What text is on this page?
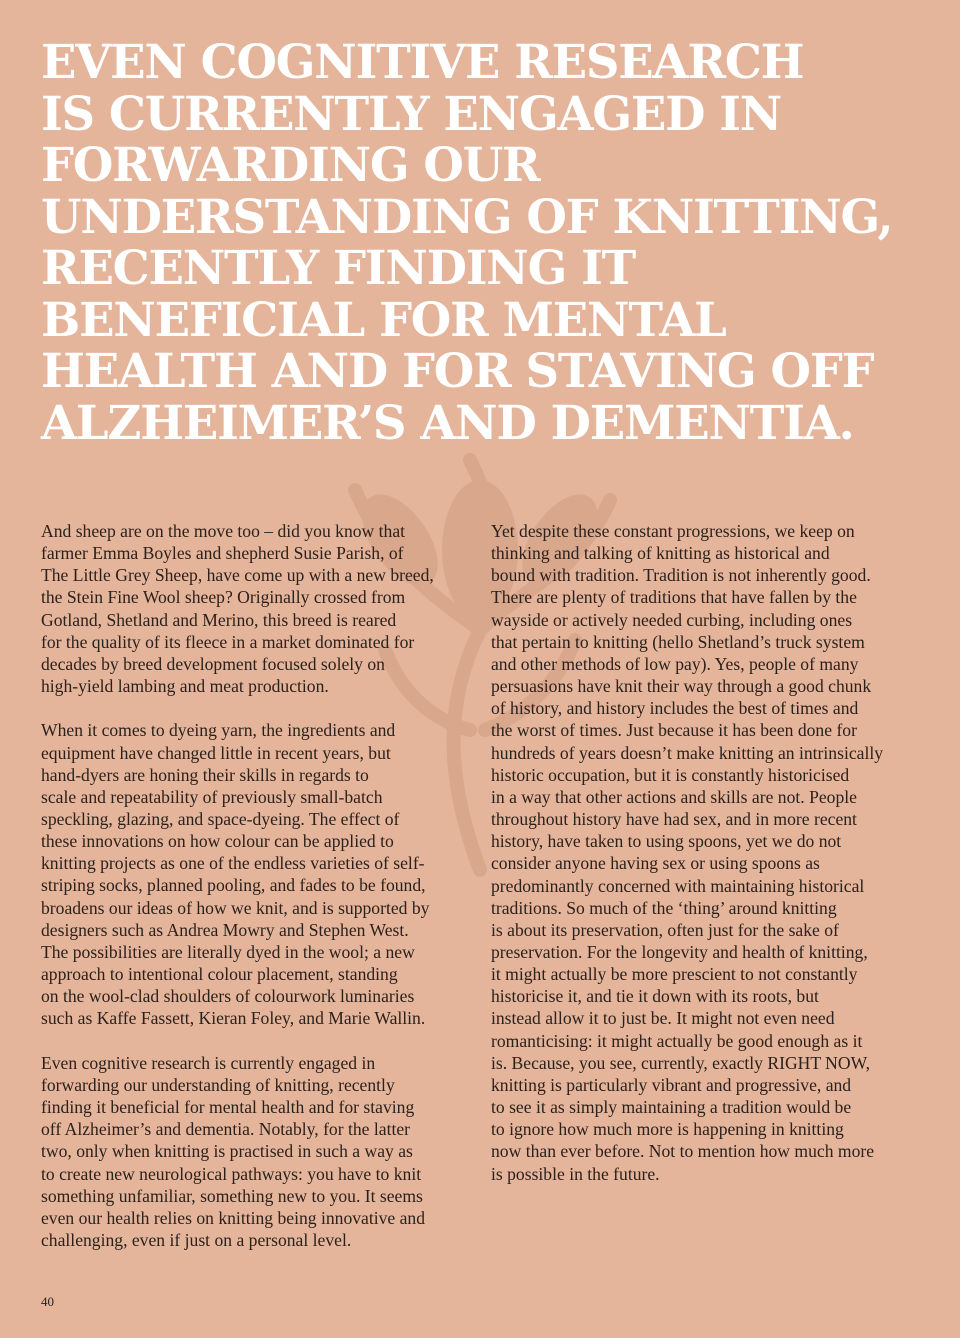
EVEN COGNITIVE RESEARCH
IS CURRENTLY ENGAGED IN
FORWARDING OUR
UNDERSTANDING OF KNITTING,
RECENTLY FINDING IT
BENEFICIAL FOR MENTAL
HEALTH AND FOR STAVING OFF
ALZHEIMER’S AND DEMENTIA.

And sheep are on the move too – did you know that
farmer Emma Boyles and shepherd Susie Parish, of
The Little Grey Sheep, have come up with a new breed,
the Stein Fine Wool sheep? Originally crossed from
Gotland, Shetland and Merino, this breed is reared
for the quality of its fleece in a market dominated for
decades by breed development focused solely on
high-yield lambing and meat production.

When it comes to dyeing yarn, the ingredients and
equipment have changed little in recent years, but
hand-dyers are honing their skills in regards to
scale and repeatability of previously small-batch
speckling, glazing, and space-dyeing. The effect of
these innovations on how colour can be applied to
knitting projects as one of the endless varieties of self-
striping socks, planned pooling, and fades to be found,
broadens our ideas of how we knit, and is supported by
designers such as Andrea Mowry and Stephen West.
The possibilities are literally dyed in the wool; a new
approach to intentional colour placement, standing
on the wool-clad shoulders of colourwork luminaries
such as Kaffe Fassett, Kieran Foley, and Marie Wallin.

Even cognitive research is currently engaged in
forwarding our understanding of knitting, recently
finding it beneficial for mental health and for staving
off Alzheimer’s and dementia. Notably, for the latter
two, only when knitting is practised in such a way as
to create new neurological pathways: you have to knit
something unfamiliar, something new to you. It seems
even our health relies on knitting being innovative and
challenging, even if just on a personal level.

Yet despite these constant progressions, we keep on
thinking and talking of knitting as historical and
bound with tradition. Tradition is not inherently good.
There are plenty of traditions that have fallen by the
wayside or actively needed curbing, including ones
that pertain to knitting (hello Shetland’s truck system
and other methods of low pay). Yes, people of many
persuasions have knit their way through a good chunk
of history, and history includes the best of times and
the worst of times. Just because it has been done for
hundreds of years doesn’t make knitting an intrinsically
historic occupation, but it is constantly historicised
in a way that other actions and skills are not. People
throughout history have had sex, and in more recent
history, have taken to using spoons, yet we do not
consider anyone having sex or using spoons as
predominantly concerned with maintaining historical
traditions. So much of the ‘thing’ around knitting
is about its preservation, often just for the sake of
preservation. For the longevity and health of knitting,
it might actually be more prescient to not constantly
historicise it, and tie it down with its roots, but
instead allow it to just be. It might not even need
romanticising: it might actually be good enough as it
is. Because, you see, currently, exactly RIGHT NOW,
knitting is particularly vibrant and progressive, and
to see it as simply maintaining a tradition would be
to ignore how much more is happening in knitting
now than ever before. Not to mention how much more
is possible in the future.

40
